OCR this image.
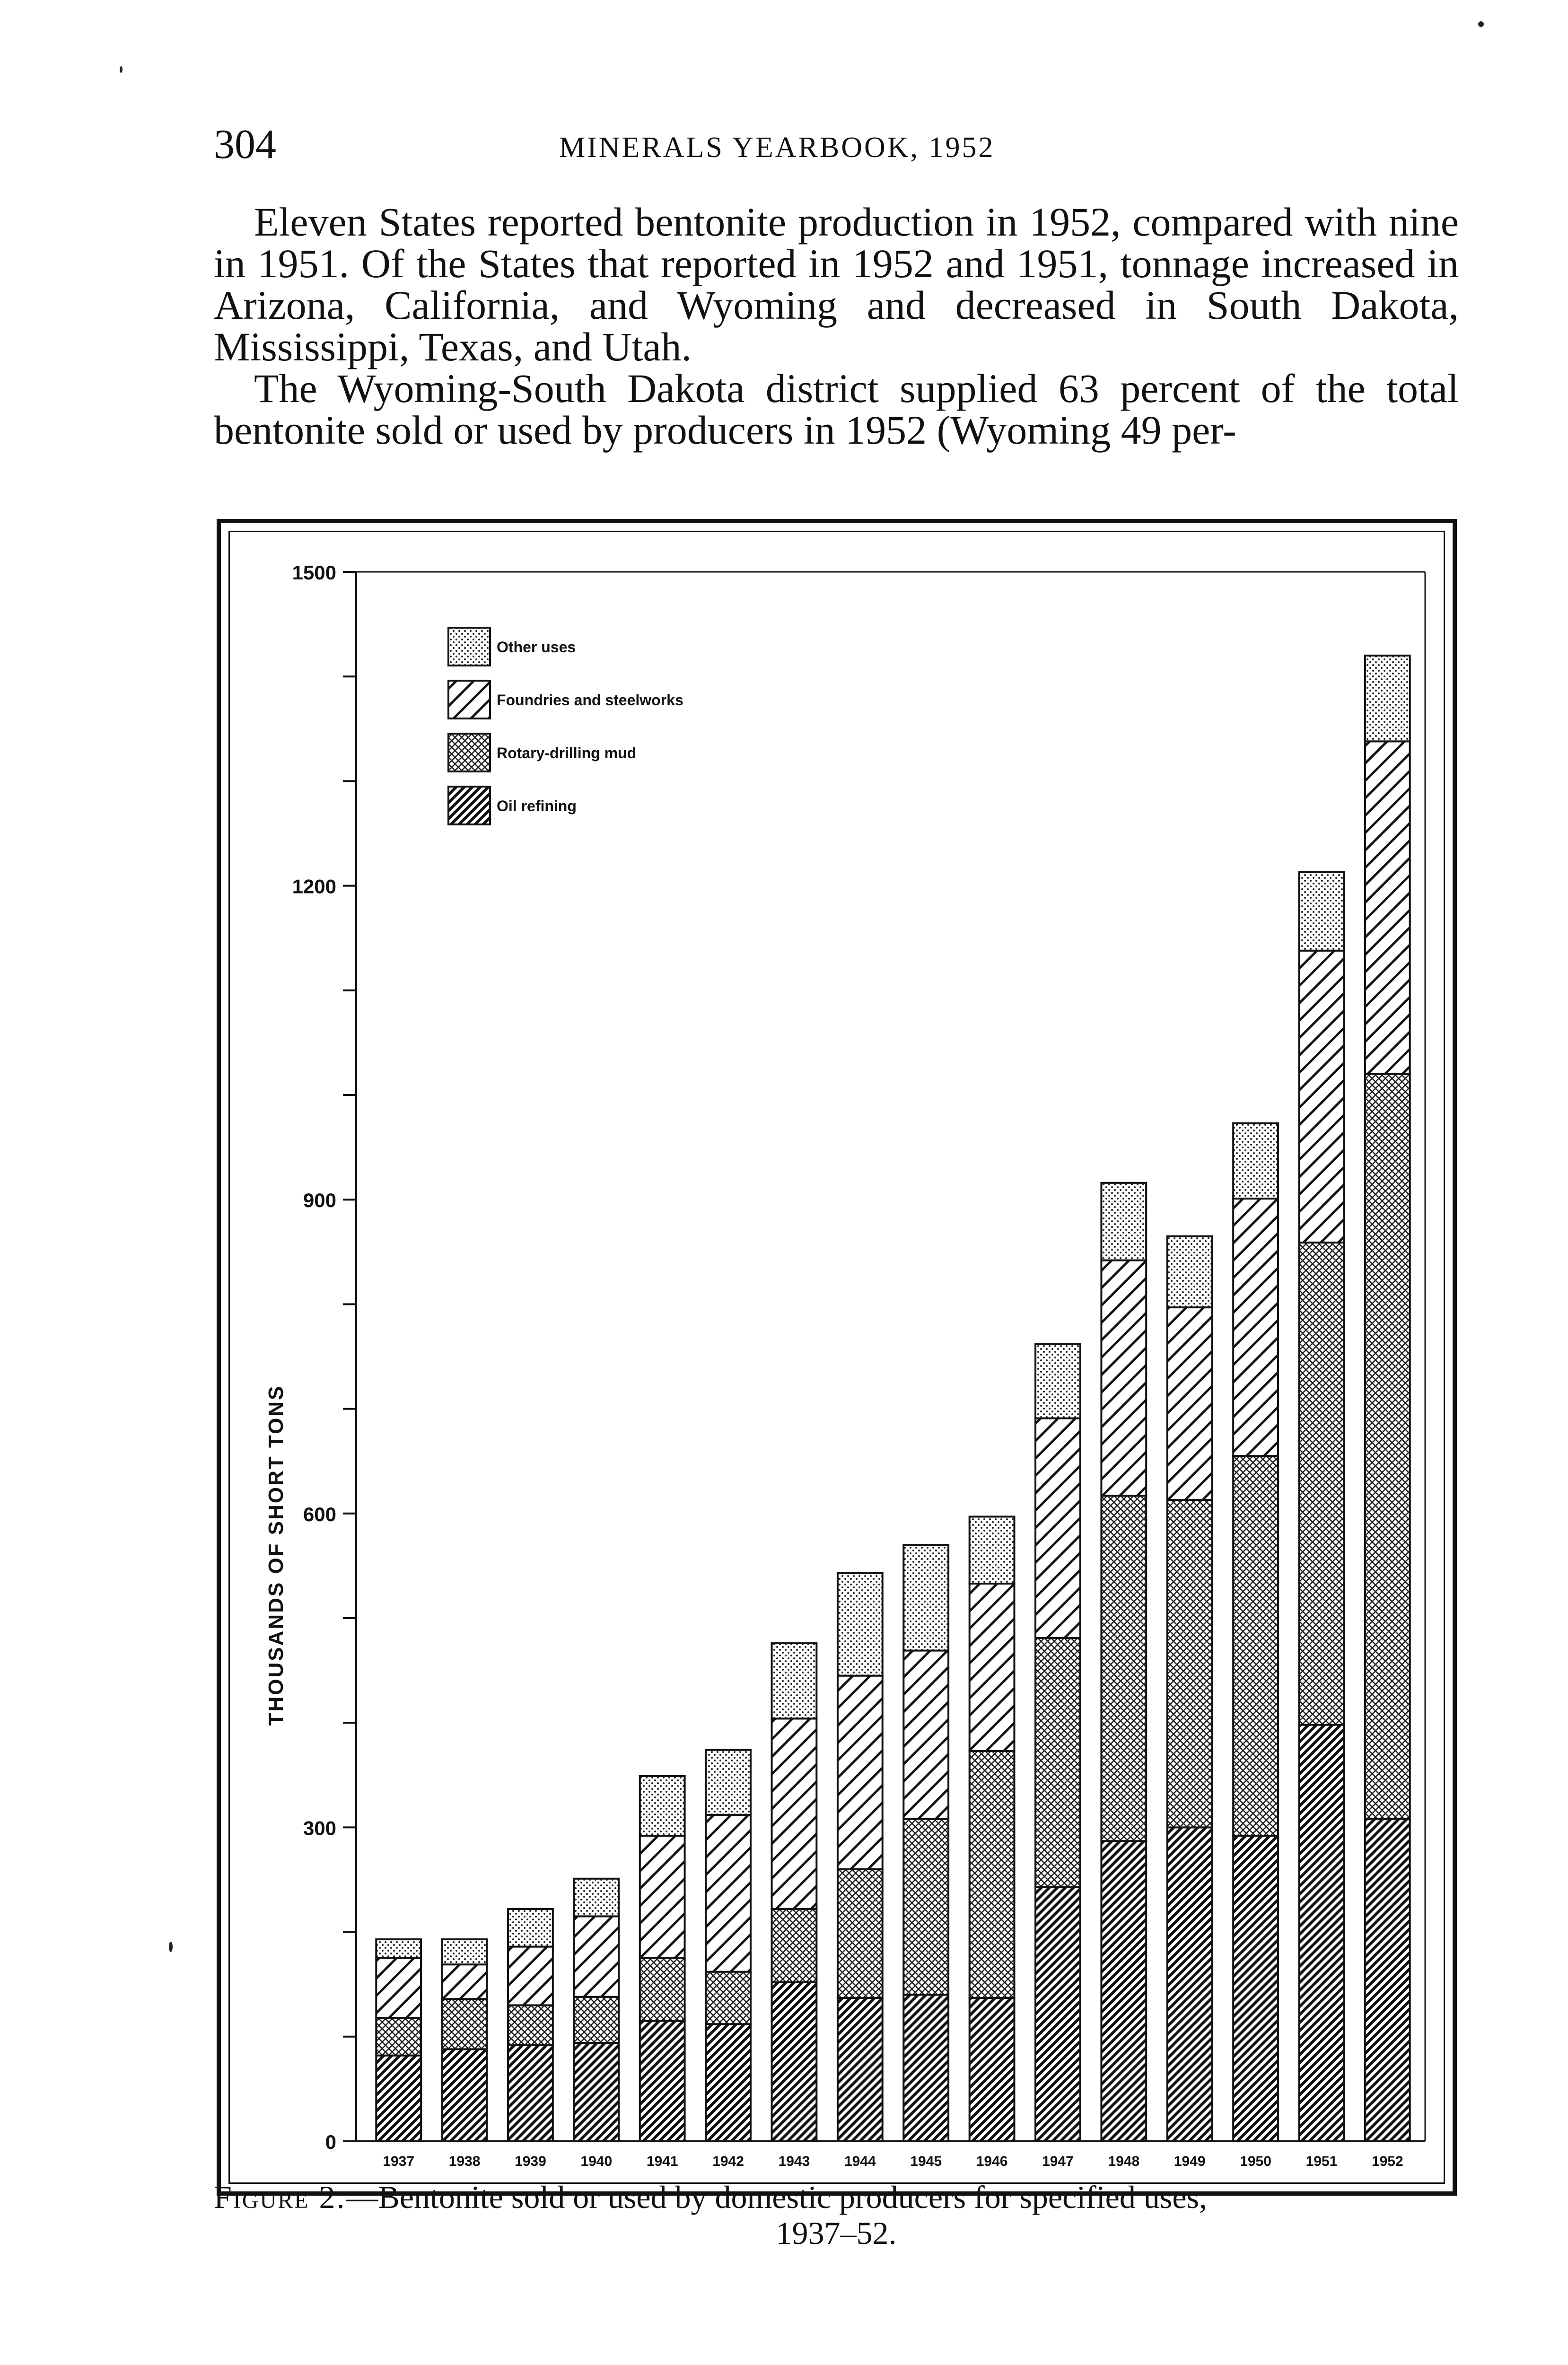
304	MINERALS YEARBOOK, 1952

Eleven States reported bentonite production in 1952, compared with nine in 1951. Of the States that reported in 1952 and 1951, tonnage increased in Arizona, California, and Wyoming and decreased in South Dakota, Mississippi, Texas, and Utah.

The Wyoming-South Dakota district supplied 63 percent of the total bentonite sold or used by producers in 1952 (Wyoming 49 per-

0
300
600
900
1200
1500
THOUSANDS OF SHORT TONS
1937 1938 1939 1940 1941 1942 1943 1944 1945 1946 1947 1948 1949 1950 1951 1952
Other uses
Foundries and steelworks
Rotary-drilling mud
Oil refining
Figure 2.—Bentonite sold or used by domestic producers for specified uses,
1937–52.
